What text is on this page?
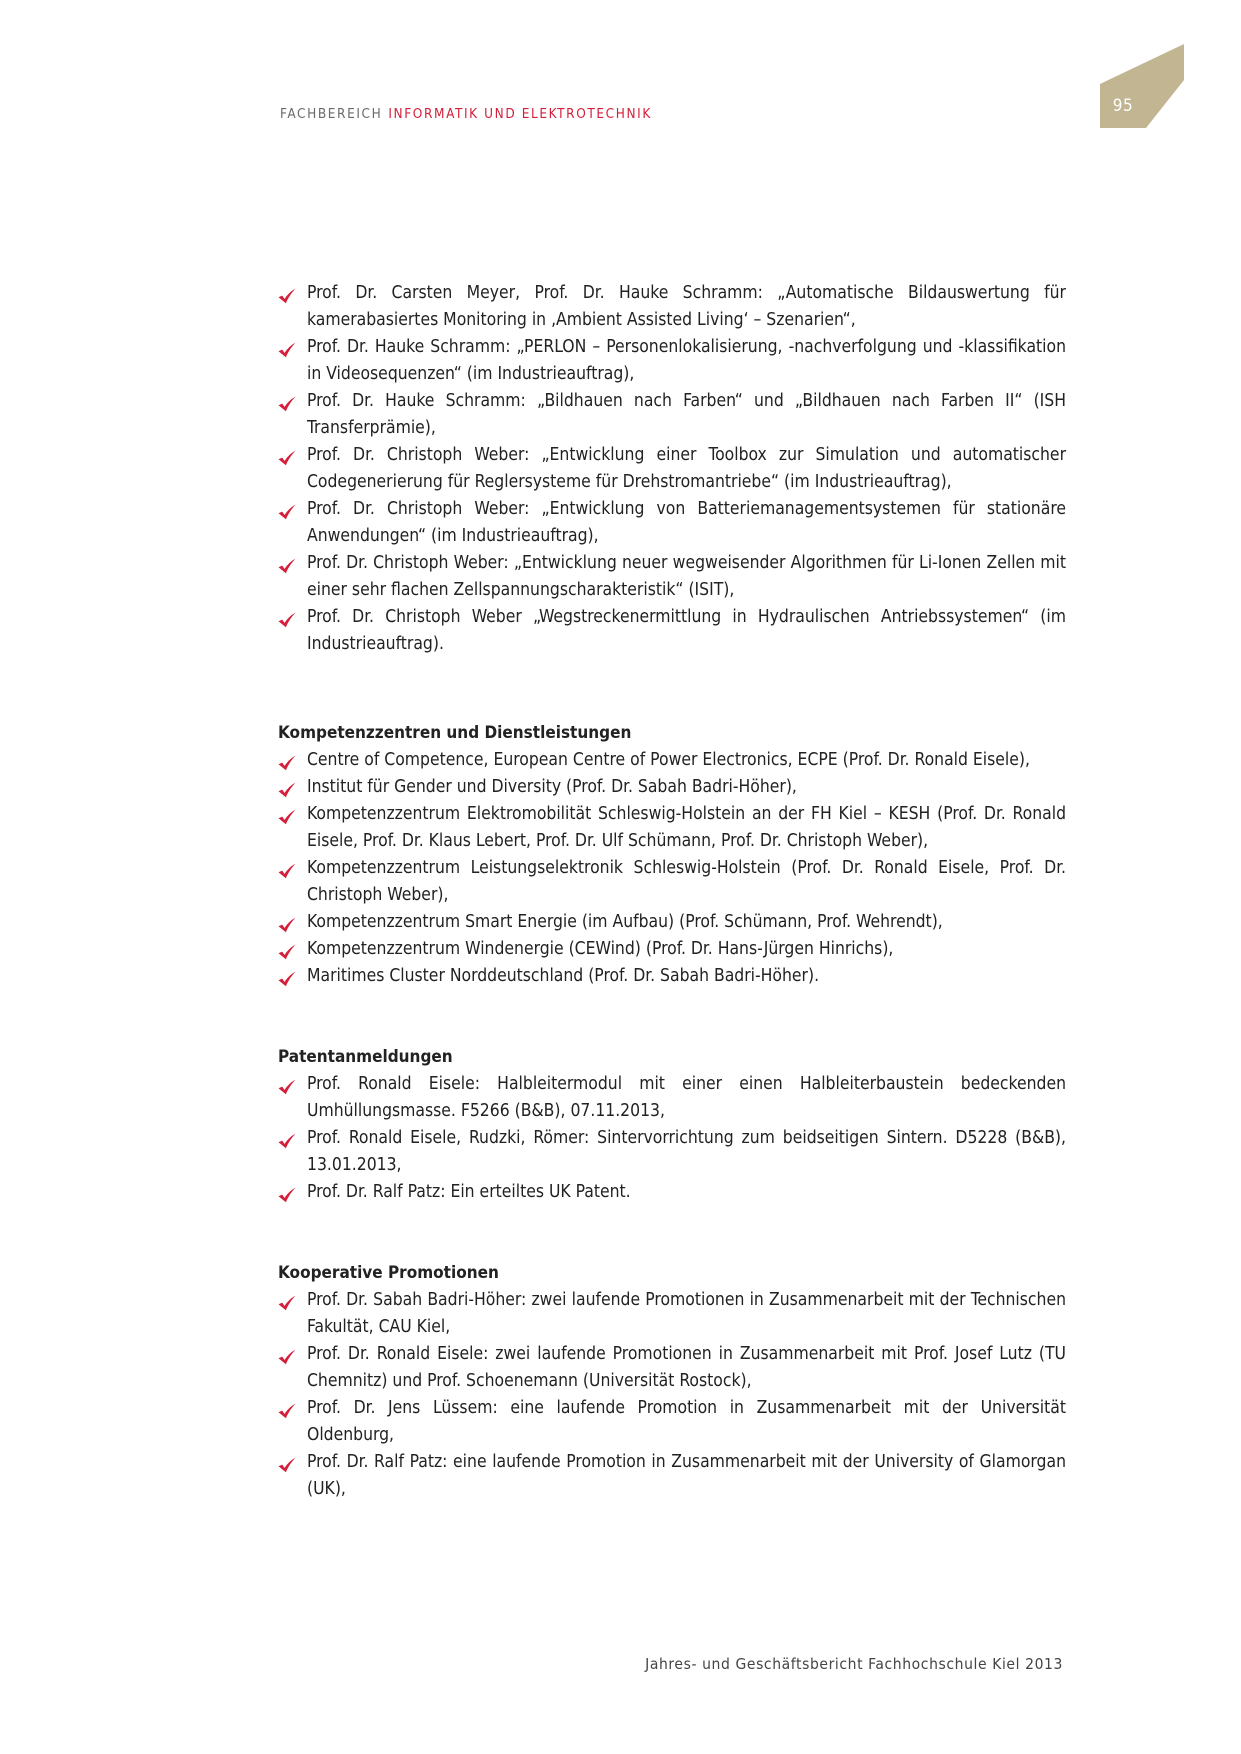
FACHBEREICH INFORMATIK UND ELEKTROTECHNIK	95
Prof. Dr. Carsten Meyer, Prof. Dr. Hauke Schramm: „Automatische Bildauswertung für kamerabasiertes Monitoring in ‚Ambient Assisted Living‘ – Szenarien“,
Prof. Dr. Hauke Schramm: „PERLON – Personenlokalisierung, -nachverfolgung und -klassifikation in Videosequenzen“ (im Industrieauftrag),
Prof. Dr. Hauke Schramm: „Bildhauen nach Farben“ und „Bildhauen nach Farben II“ (ISH Transferprämie),
Prof. Dr. Christoph Weber: „Entwicklung einer Toolbox zur Simulation und automatischer Codegenerierung für Reglersysteme für Drehstromantriebe“ (im Industrieauftrag),
Prof. Dr. Christoph Weber: „Entwicklung von Batteriemanagementsystemen für stationäre Anwendungen“ (im Industrieauftrag),
Prof. Dr. Christoph Weber: „Entwicklung neuer wegweisender Algorithmen für Li-Ionen Zellen mit einer sehr flachen Zellspannungscharakteristik“ (ISIT),
Prof. Dr. Christoph Weber „Wegstreckenermittlung in Hydraulischen Antriebssystemen“ (im Industrieauftrag).
Kompetenzzentren und Dienstleistungen
Centre of Competence, European Centre of Power Electronics, ECPE (Prof. Dr. Ronald Eisele),
Institut für Gender und Diversity (Prof. Dr. Sabah Badri-Höher),
Kompetenzzentrum Elektromobilität Schleswig-Holstein an der FH Kiel – KESH (Prof. Dr. Ronald Eisele, Prof. Dr. Klaus Lebert, Prof. Dr. Ulf Schümann, Prof. Dr. Christoph Weber),
Kompetenzzentrum Leistungselektronik Schleswig-Holstein (Prof. Dr. Ronald Eisele, Prof. Dr. Christoph Weber),
Kompetenzzentrum Smart Energie (im Aufbau) (Prof. Schümann, Prof. Wehrendt),
Kompetenzzentrum Windenergie (CEWind) (Prof. Dr. Hans-Jürgen Hinrichs),
Maritimes Cluster Norddeutschland (Prof. Dr. Sabah Badri-Höher).
Patentanmeldungen
Prof. Ronald Eisele: Halbleitermodul mit einer einen Halbleiterbaustein bedeckenden Umhüllungsmasse. F5266 (B&B), 07.11.2013,
Prof. Ronald Eisele, Rudzki, Römer: Sintervorrichtung zum beidseitigen Sintern. D5228 (B&B), 13.01.2013,
Prof. Dr. Ralf Patz: Ein erteiltes UK Patent.
Kooperative Promotionen
Prof. Dr. Sabah Badri-Höher: zwei laufende Promotionen in Zusammenarbeit mit der Technischen Fakultät, CAU Kiel,
Prof. Dr. Ronald Eisele: zwei laufende Promotionen in Zusammenarbeit mit Prof. Josef Lutz (TU Chemnitz) und Prof. Schoenemann (Universität Rostock),
Prof. Dr. Jens Lüssem: eine laufende Promotion in Zusammenarbeit mit der Universität Oldenburg,
Prof. Dr. Ralf Patz: eine laufende Promotion in Zusammenarbeit mit der University of Glamorgan (UK),
Jahres- und Geschäftsbericht Fachhochschule Kiel 2013
